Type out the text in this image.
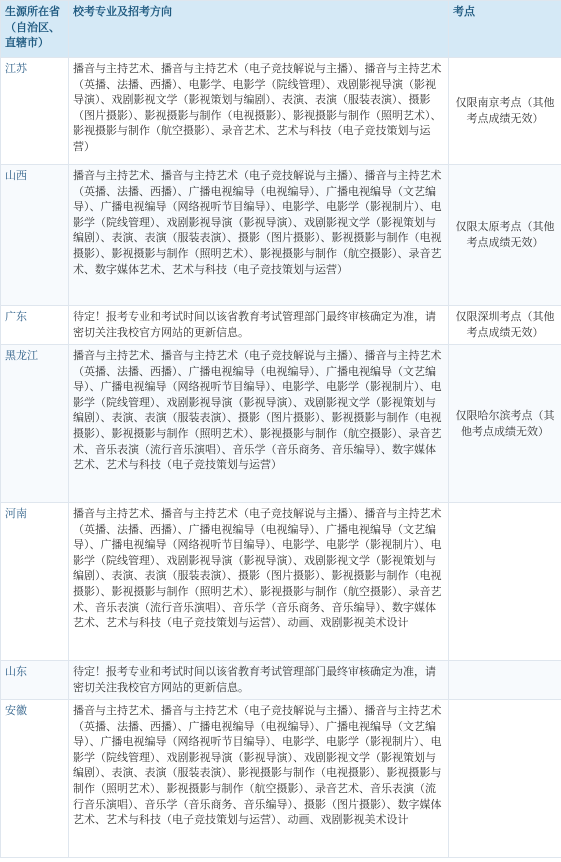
生源所在省（自治区、直辖市）	校考专业及招考方向	考点
江苏	播音与主持艺术、播音与主持艺术（电子竞技解说与主播）、播音与主持艺术（英播、法播、西播）、电影学、电影学（院线管理）、戏剧影视导演（影视导演）、戏剧影视文学（影视策划与编剧）、表演、表演（服装表演）、摄影（图片摄影）、影视摄影与制作（电视摄影）、影视摄影与制作（照明艺术）、影视摄影与制作（航空摄影）、录音艺术、艺术与科技（电子竞技策划与运营）	仅限南京考点（其他考点成绩无效）
山西	播音与主持艺术、播音与主持艺术（电子竞技解说与主播）、播音与主持艺术（英播、法播、西播）、广播电视编导（电视编导）、广播电视编导（文艺编导）、广播电视编导（网络视听节目编导）、电影学、电影学（影视制片）、电影学（院线管理）、戏剧影视导演（影视导演）、戏剧影视文学（影视策划与编剧）、表演、表演（服装表演）、摄影（图片摄影）、影视摄影与制作（电视摄影）、影视摄影与制作（照明艺术）、影视摄影与制作（航空摄影）、录音艺术、数字媒体艺术、艺术与科技（电子竞技策划与运营）	仅限太原考点（其他考点成绩无效）
广东	待定！报考专业和考试时间以该省教育考试管理部门最终审核确定为准，请密切关注我校官方网站的更新信息。	仅限深圳考点（其他考点成绩无效）
黑龙江	播音与主持艺术、播音与主持艺术（电子竞技解说与主播）、播音与主持艺术（英播、法播、西播）、广播电视编导（电视编导）、广播电视编导（文艺编导）、广播电视编导（网络视听节目编导）、电影学、电影学（影视制片）、电影学（院线管理）、戏剧影视导演（影视导演）、戏剧影视文学（影视策划与编剧）、表演、表演（服装表演）、摄影（图片摄影）、影视摄影与制作（电视摄影）、影视摄影与制作（照明艺术）、影视摄影与制作（航空摄影）、录音艺术、音乐表演（流行音乐演唱）、音乐学（音乐商务、音乐编导）、数字媒体艺术、艺术与科技（电子竞技策划与运营）	仅限哈尔滨考点（其他考点成绩无效）
河南	播音与主持艺术、播音与主持艺术（电子竞技解说与主播）、播音与主持艺术（英播、法播、西播）、广播电视编导（电视编导）、广播电视编导（文艺编导）、广播电视编导（网络视听节目编导）、电影学、电影学（影视制片）、电影学（院线管理）、戏剧影视导演（影视导演）、戏剧影视文学（影视策划与编剧）、表演、表演（服装表演）、摄影（图片摄影）、影视摄影与制作（电视摄影）、影视摄影与制作（照明艺术）、影视摄影与制作（航空摄影）、录音艺术、音乐表演（流行音乐演唱）、音乐学（音乐商务、音乐编导）、数字媒体艺术、艺术与科技（电子竞技策划与运营）、动画、戏剧影视美术设计	
山东	待定！报考专业和考试时间以该省教育考试管理部门最终审核确定为准，请密切关注我校官方网站的更新信息。	
安徽	播音与主持艺术、播音与主持艺术（电子竞技解说与主播）、播音与主持艺术（英播、法播、西播）、广播电视编导（电视编导）、广播电视编导（文艺编导）、广播电视编导（网络视听节目编导）、电影学、电影学（影视制片）、电影学（院线管理）、戏剧影视导演（影视导演）、戏剧影视文学（影视策划与编剧）、表演、表演（服装表演）、影视摄影与制作（电视摄影）、影视摄影与制作（照明艺术）、影视摄影与制作（航空摄影）、录音艺术、音乐表演（流行音乐演唱）、音乐学（音乐商务、音乐编导）、摄影（图片摄影）、数字媒体艺术、艺术与科技（电子竞技策划与运营）、动画、戏剧影视美术设计	
